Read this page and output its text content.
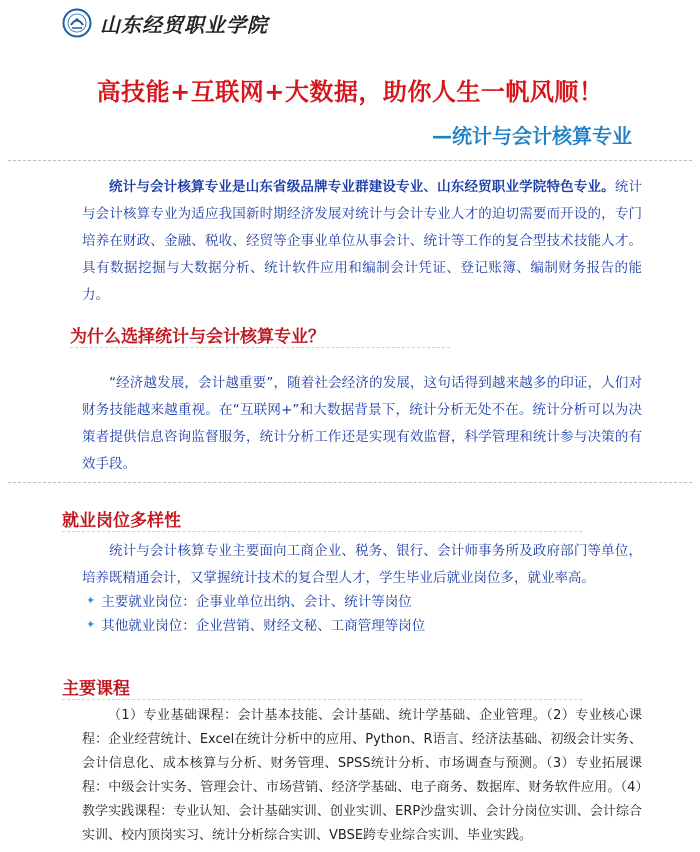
山东经贸职业学院
高技能+互联网+大数据，助你人生一帆风顺！
—统计与会计核算专业

统计与会计核算专业是山东省级品牌专业群建设专业、山东经贸职业学院特色专业。统计与会计核算专业为适应我国新时期经济发展对统计与会计专业人才的迫切需要而开设的，专门培养在财政、金融、税收、经贸等企事业单位从事会计、统计等工作的复合型技术技能人才。具有数据挖掘与大数据分析、统计软件应用和编制会计凭证、登记账簿、编制财务报告的能力。

为什么选择统计与会计核算专业？

“经济越发展，会计越重要”，随着社会经济的发展，这句话得到越来越多的印证，人们对财务技能越来越重视。在“互联网+”和大数据背景下，统计分析无处不在。统计分析可以为决策者提供信息咨询监督服务，统计分析工作还是实现有效监督，科学管理和统计参与决策的有效手段。

就业岗位多样性

统计与会计核算专业主要面向工商企业、税务、银行、会计师事务所及政府部门等单位，培养既精通会计，又掌握统计技术的复合型人才，学生毕业后就业岗位多，就业率高。

✦ 主要就业岗位：企事业单位出纳、会计、统计等岗位
✦ 其他就业岗位：企业营销、财经文秘、工商管理等岗位
主要课程

（1）专业基础课程：会计基本技能、会计基础、统计学基础、企业管理。（2）专业核心课程：企业经营统计、Excel在统计分析中的应用、Python、R语言、经济法基础、初级会计实务、会计信息化、成本核算与分析、财务管理、SPSS统计分析、市场调查与预测。（3）专业拓展课程：中级会计实务、管理会计、市场营销、经济学基础、电子商务、数据库、财务软件应用。（4）教学实践课程：专业认知、会计基础实训、创业实训、ERP沙盘实训、会计分岗位实训、会计综合实训、校内顶岗实习、统计分析综合实训、VBSE跨专业综合实训、毕业实践。
